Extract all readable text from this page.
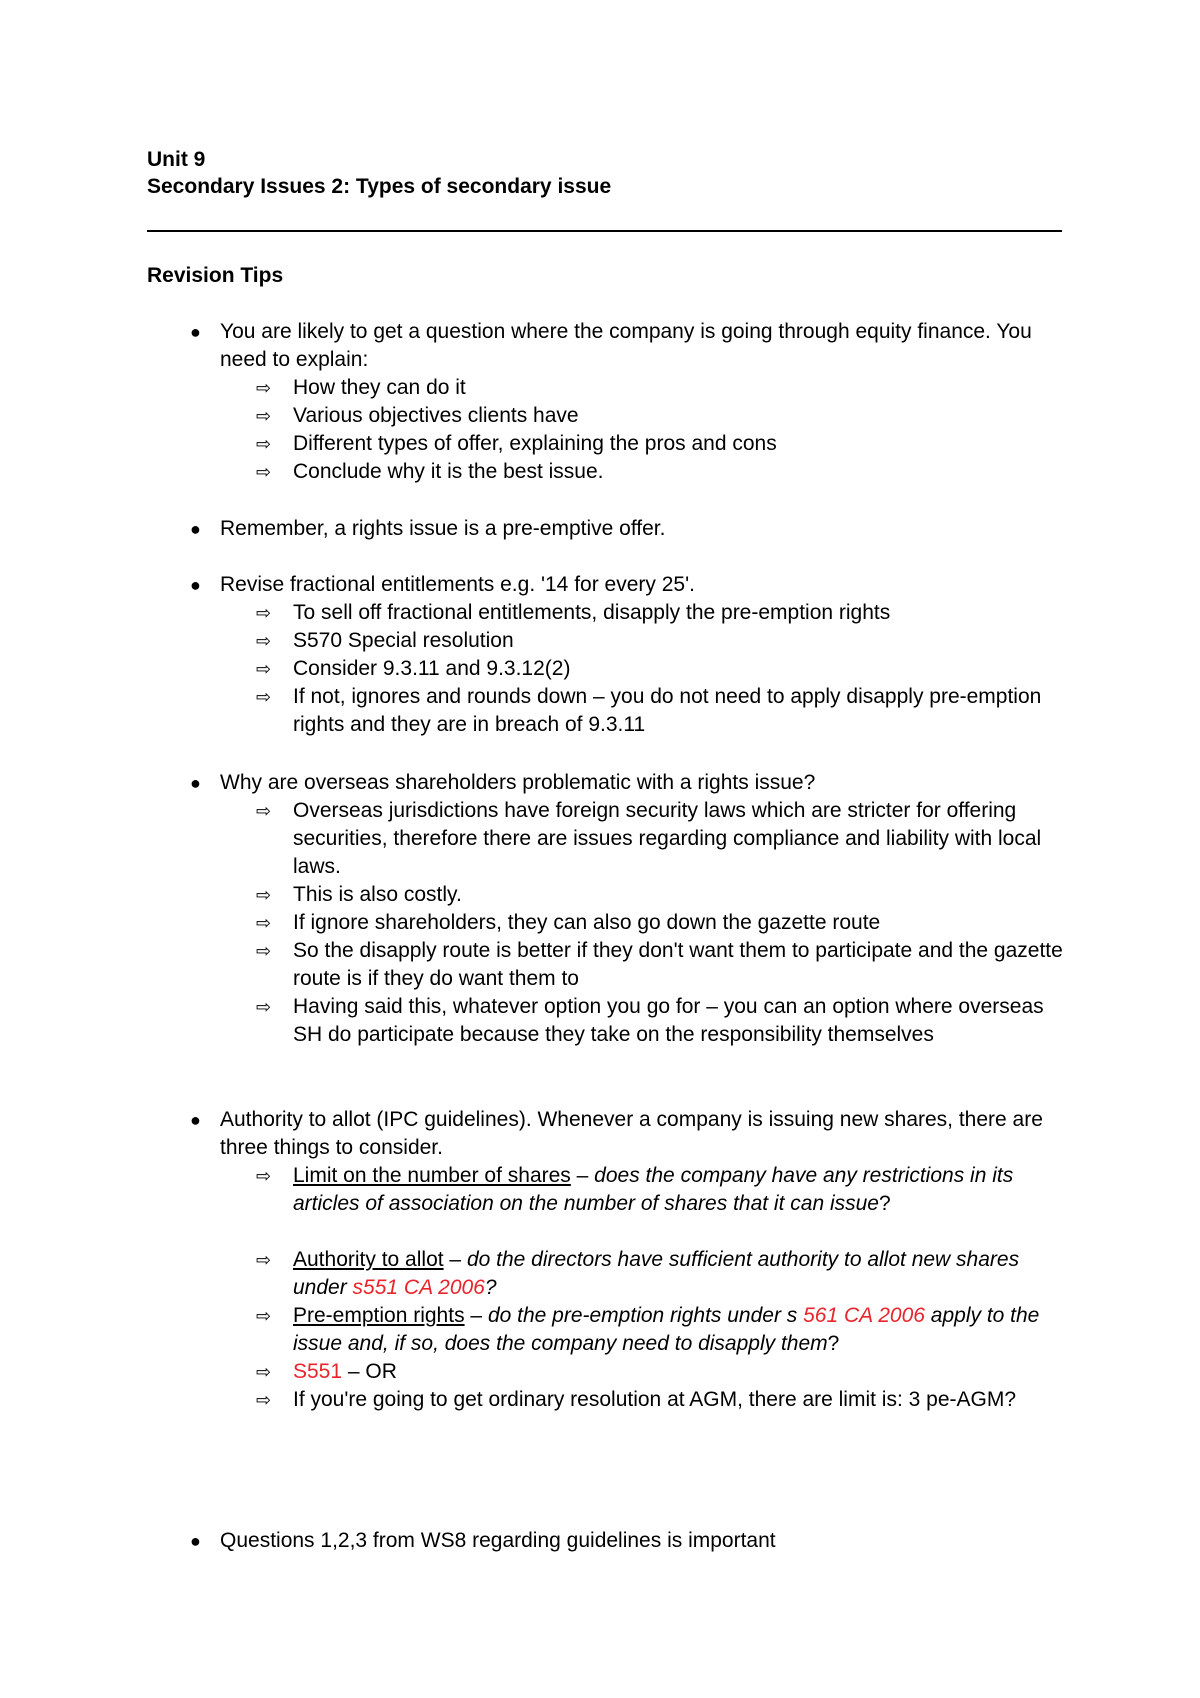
Unit 9
Secondary Issues 2: Types of secondary issue
Revision Tips
● You are likely to get a question where the company is going through equity finance. You need to explain:
⇨ How they can do it
⇨ Various objectives clients have
⇨ Different types of offer, explaining the pros and cons
⇨ Conclude why it is the best issue.
● Remember, a rights issue is a pre-emptive offer.
● Revise fractional entitlements e.g. '14 for every 25'.
⇨ To sell off fractional entitlements, disapply the pre-emption rights
⇨ S570 Special resolution
⇨ Consider 9.3.11 and 9.3.12(2)
⇨ If not, ignores and rounds down – you do not need to apply disapply pre-emption rights and they are in breach of 9.3.11
● Why are overseas shareholders problematic with a rights issue?
⇨ Overseas jurisdictions have foreign security laws which are stricter for offering securities, therefore there are issues regarding compliance and liability with local laws.
⇨ This is also costly.
⇨ If ignore shareholders, they can also go down the gazette route
⇨ So the disapply route is better if they don't want them to participate and the gazette route is if they do want them to
⇨ Having said this, whatever option you go for – you can an option where overseas SH do participate because they take on the responsibility themselves
● Authority to allot (IPC guidelines). Whenever a company is issuing new shares, there are three things to consider.
⇨ Limit on the number of shares – does the company have any restrictions in its articles of association on the number of shares that it can issue?
⇨ Authority to allot – do the directors have sufficient authority to allot new shares under s551 CA 2006?
⇨ Pre-emption rights – do the pre-emption rights under s 561 CA 2006 apply to the issue and, if so, does the company need to disapply them?
⇨ S551 – OR
⇨ If you're going to get ordinary resolution at AGM, there are limit is: 3 pe-AGM?
● Questions 1,2,3 from WS8 regarding guidelines is important
